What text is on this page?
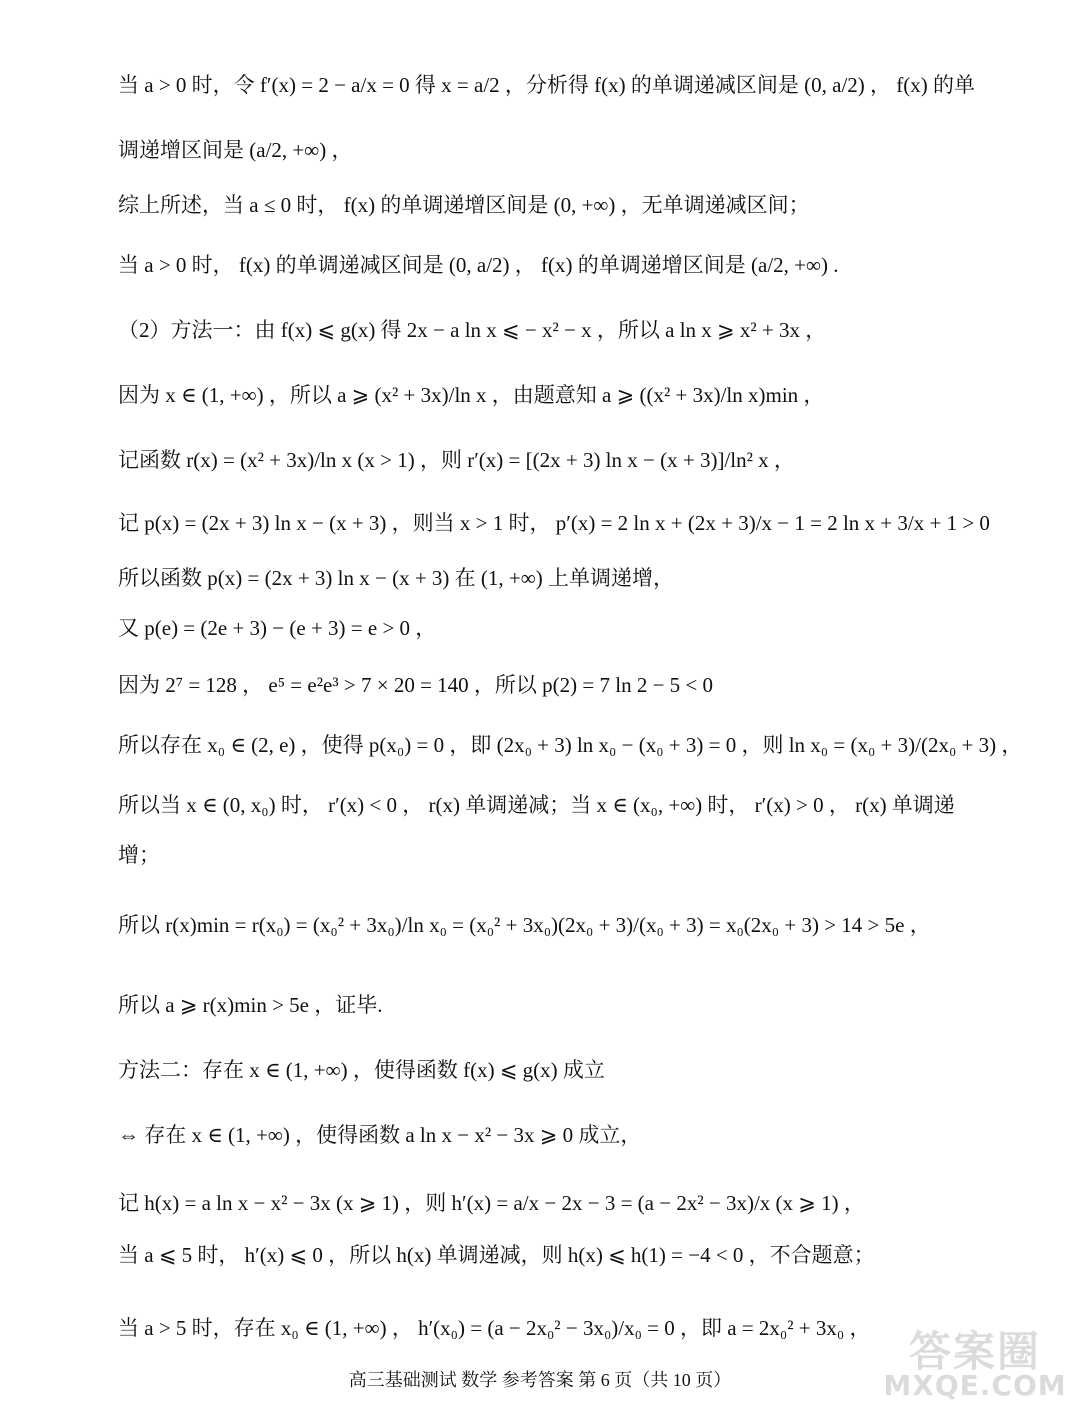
当 a > 0 时，令 f′(x) = 2 − a/x = 0 得 x = a/2 ，分析得 f(x) 的单调递减区间是 (0, a/2) ， f(x) 的单
调递增区间是 (a/2, +∞) ，
综上所述，当 a ≤ 0 时， f(x) 的单调递增区间是 (0, +∞) ，无单调递减区间；
当 a > 0 时， f(x) 的单调递减区间是 (0, a/2) ， f(x) 的单调递增区间是 (a/2, +∞) .
（2）方法一：由 f(x) ⩽ g(x) 得 2x − a ln x ⩽ − x² − x ，所以 a ln x ⩾ x² + 3x ，
因为 x ∈ (1, +∞) ，所以 a ⩾ (x² + 3x)/ln x ，由题意知 a ⩾ ((x² + 3x)/ln x)min ，
记函数 r(x) = (x² + 3x)/ln x (x > 1) ，则 r′(x) = [(2x + 3) ln x − (x + 3)]/ln² x ，
记 p(x) = (2x + 3) ln x − (x + 3) ，则当 x > 1 时， p′(x) = 2 ln x + (2x + 3)/x − 1 = 2 ln x + 3/x + 1 > 0
所以函数 p(x) = (2x + 3) ln x − (x + 3) 在 (1, +∞) 上单调递增，
又 p(e) = (2e + 3) − (e + 3) = e > 0 ，
因为 2⁷ = 128 ， e⁵ = e²e³ > 7 × 20 = 140 ，所以 p(2) = 7 ln 2 − 5 < 0
所以存在 x₀ ∈ (2, e) ，使得 p(x₀) = 0 ，即 (2x₀ + 3) ln x₀ − (x₀ + 3) = 0 ，则 ln x₀ = (x₀ + 3)/(2x₀ + 3) ，
所以当 x ∈ (0, x₀) 时， r′(x) < 0 ， r(x) 单调递减；当 x ∈ (x₀, +∞) 时， r′(x) > 0 ， r(x) 单调递
增；
所以 r(x)min = r(x₀) = (x₀² + 3x₀)/ln x₀ = (x₀² + 3x₀)(2x₀ + 3)/(x₀ + 3) = x₀(2x₀ + 3) > 14 > 5e ，
所以 a ⩾ r(x)min > 5e ，证毕.
方法二：存在 x ∈ (1, +∞) ，使得函数 f(x) ⩽ g(x) 成立
⇔ 存在 x ∈ (1, +∞) ，使得函数 a ln x − x² − 3x ⩾ 0 成立，
记 h(x) = a ln x − x² − 3x (x ⩾ 1) ，则 h′(x) = a/x − 2x − 3 = (a − 2x² − 3x)/x (x ⩾ 1) ，
当 a ⩽ 5 时， h′(x) ⩽ 0 ，所以 h(x) 单调递减，则 h(x) ⩽ h(1) = −4 < 0 ，不合题意；
当 a > 5 时，存在 x₀ ∈ (1, +∞) ， h′(x₀) = (a − 2x₀² − 3x₀)/x₀ = 0 ，即 a = 2x₀² + 3x₀ ，
高三基础测试 数学 参考答案 第 6 页（共 10 页）
答案圈
MXQE.COM
